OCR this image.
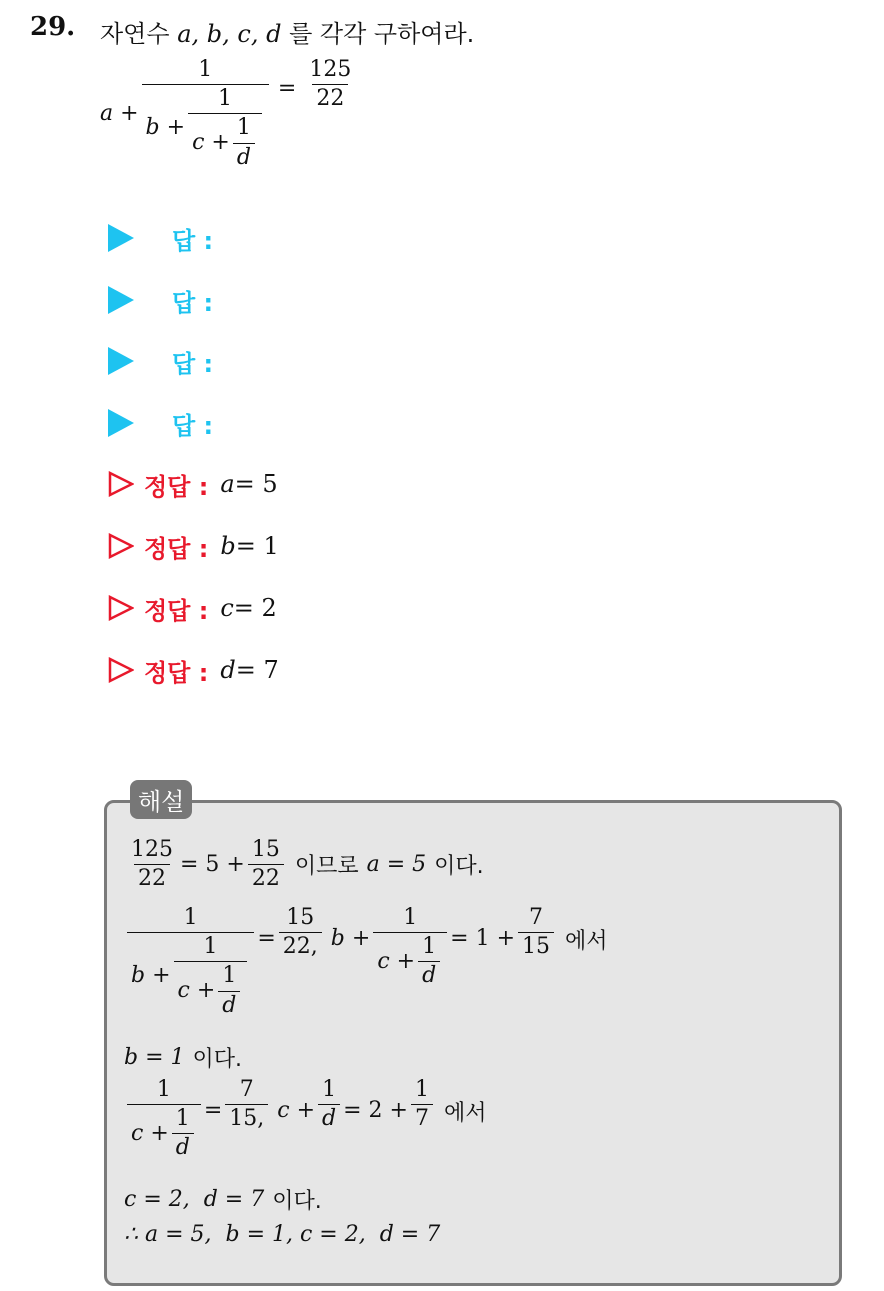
29. 자연수 a, b, c, d 를 각각 구하여라.
a +
1
$b + \frac{1}{c + \frac{1}{d}} = \frac{125}{22}$
답 :
답 :
답 :
답 :
정답 : a= 5
정답 : b= 1
정답 : c= 2
정답 : d= 7
해설
$\frac{125}{22} = 5 + \frac{15}{22}$ 이므로 a = 5 이다.
1
$b + \frac{1}{c + \frac{1}{d}} = \frac{15}{22,}$ $b + \frac{1}{c + \frac{1}{d}} = 1 + \frac{7}{15}$ 에서
b = 1 이다.
$\frac{1}{c + \frac{1}{d}} = \frac{7}{15,}$ $c + \frac{1}{d} = 2 + \frac{1}{7}$ 에서
c = 2,  d = 7 이다.
∴ a = 5,  b = 1, c = 2,  d = 7
